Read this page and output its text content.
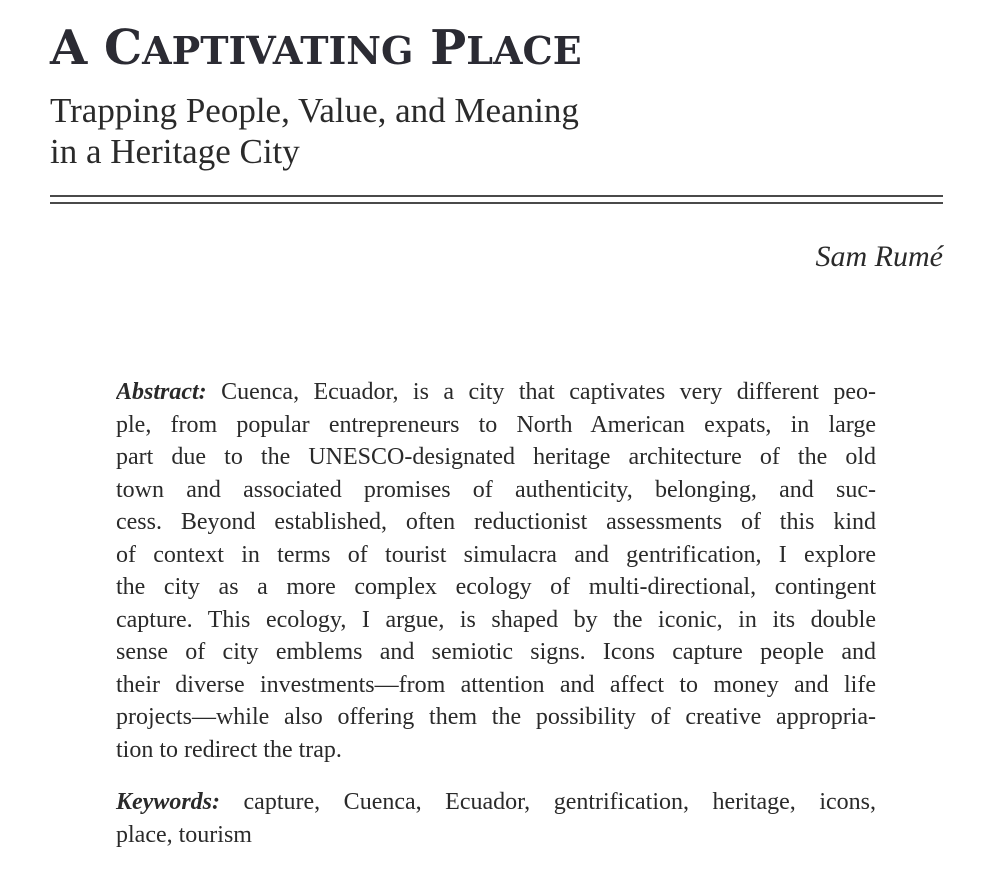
A CAPTIVATING PLACE
Trapping People, Value, and Meaning
in a Heritage City
Sam Rumé
Abstract: Cuenca, Ecuador, is a city that captivates very different peo-
ple, from popular entrepreneurs to North American expats, in large
part due to the UNESCO-designated heritage architecture of the old
town and associated promises of authenticity, belonging, and suc-
cess. Beyond established, often reductionist assessments of this kind
of context in terms of tourist simulacra and gentrification, I explore
the city as a more complex ecology of multi-directional, contingent
capture. This ecology, I argue, is shaped by the iconic, in its double
sense of city emblems and semiotic signs. Icons capture people and
their diverse investments—from attention and affect to money and life
projects—while also offering them the possibility of creative appropria-
tion to redirect the trap.
Keywords: capture, Cuenca, Ecuador, gentrification, heritage, icons,
place, tourism
